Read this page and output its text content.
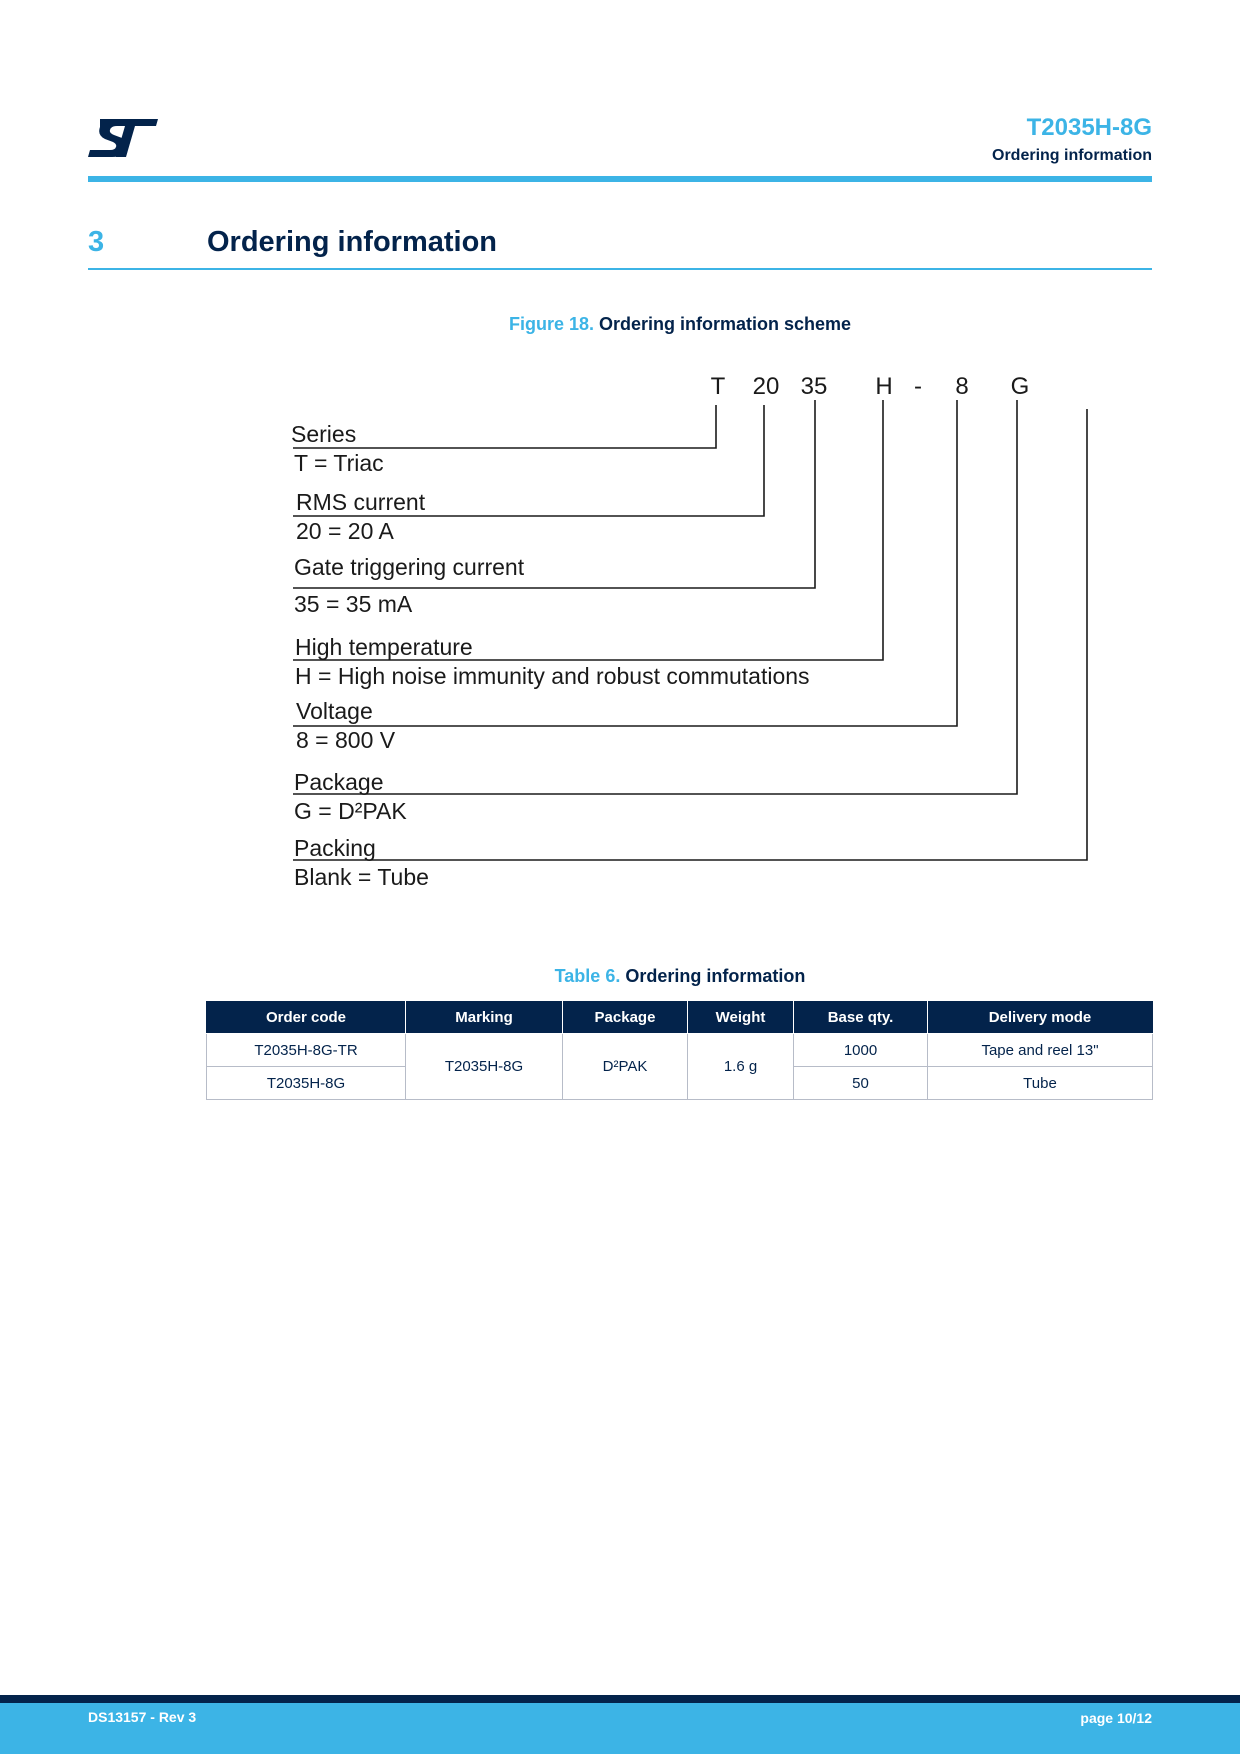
T2035H-8G
Ordering information
3	Ordering information
Figure 18. Ordering information scheme
T 20 35 H - 8 G
Series
T = Triac
RMS current
20 = 20 A
Gate triggering current
35 = 35 mA
High temperature
H = High noise immunity and robust commutations
Voltage
8 = 800 V
Package
G = D²PAK
Packing
Blank = Tube
Table 6. Ordering information
Order code	Marking	Package	Weight	Base qty.	Delivery mode
T2035H-8G-TR	T2035H-8G	D²PAK	1.6 g	1000	Tape and reel 13"
T2035H-8G				50	Tube
DS13157 - Rev 3	page 10/12
